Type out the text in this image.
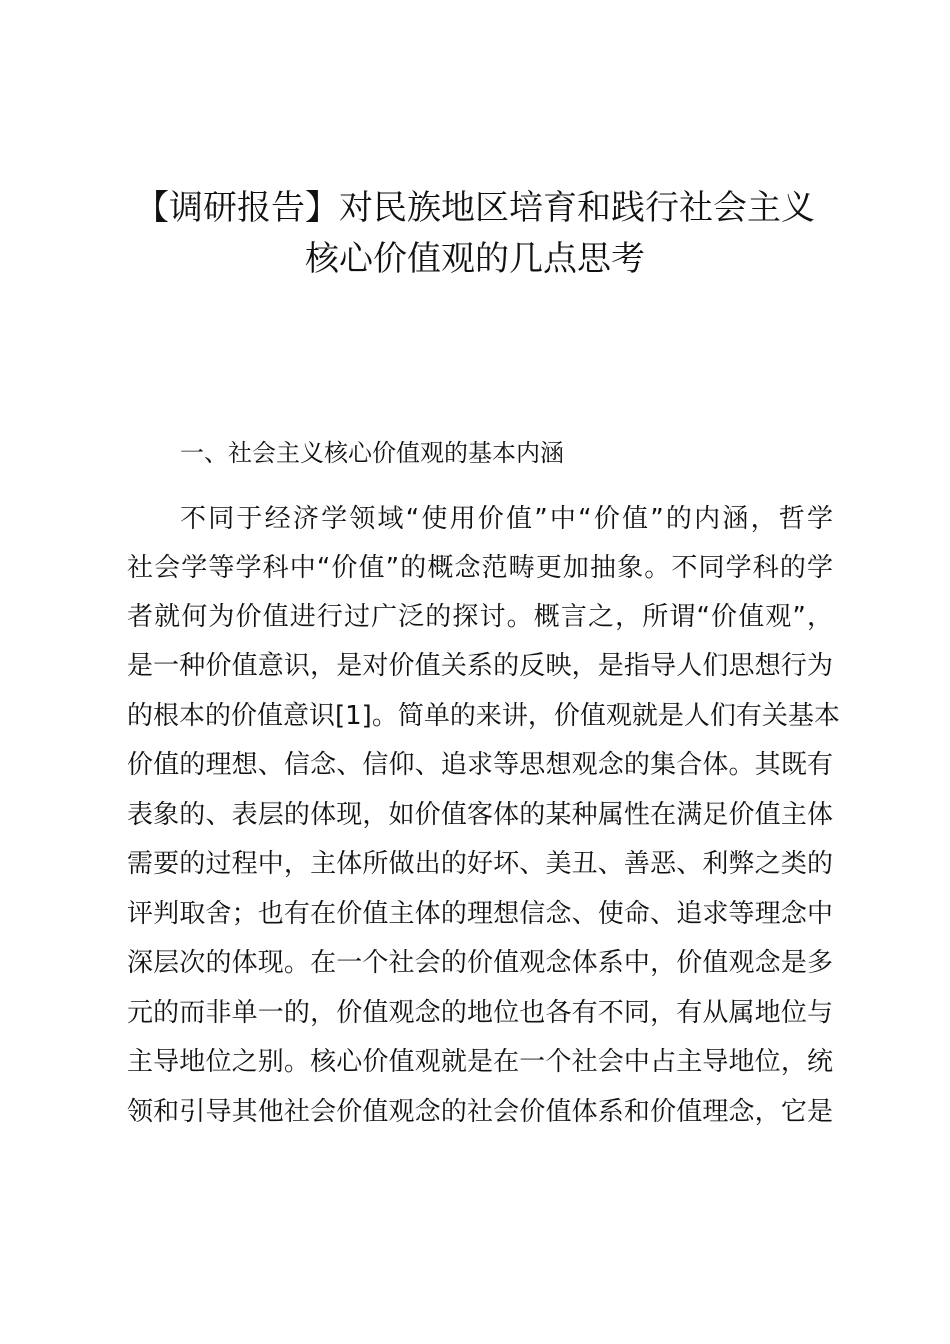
【调研报告】对民族地区培育和践行社会主义
核心价值观的几点思考
一、社会主义核心价值观的基本内涵

不同于经济学领域“使用价值”中“价值”的内涵，哲学

社会学等学科中“价值”的概念范畴更加抽象。不同学科的学

者就何为价值进行过广泛的探讨。概言之，所谓“价值观”，

是一种价值意识，是对价值关系的反映，是指导人们思想行为

的根本的价值意识[1]。简单的来讲，价值观就是人们有关基本

价值的理想、信念、信仰、追求等思想观念的集合体。其既有

表象的、表层的体现，如价值客体的某种属性在满足价值主体

需要的过程中，主体所做出的好坏、美丑、善恶、利弊之类的

评判取舍；也有在价值主体的理想信念、使命、追求等理念中

深层次的体现。在一个社会的价值观念体系中，价值观念是多

元的而非单一的，价值观念的地位也各有不同，有从属地位与

主导地位之别。核心价值观就是在一个社会中占主导地位，统

领和引导其他社会价值观念的社会价值体系和价值理念，它是
